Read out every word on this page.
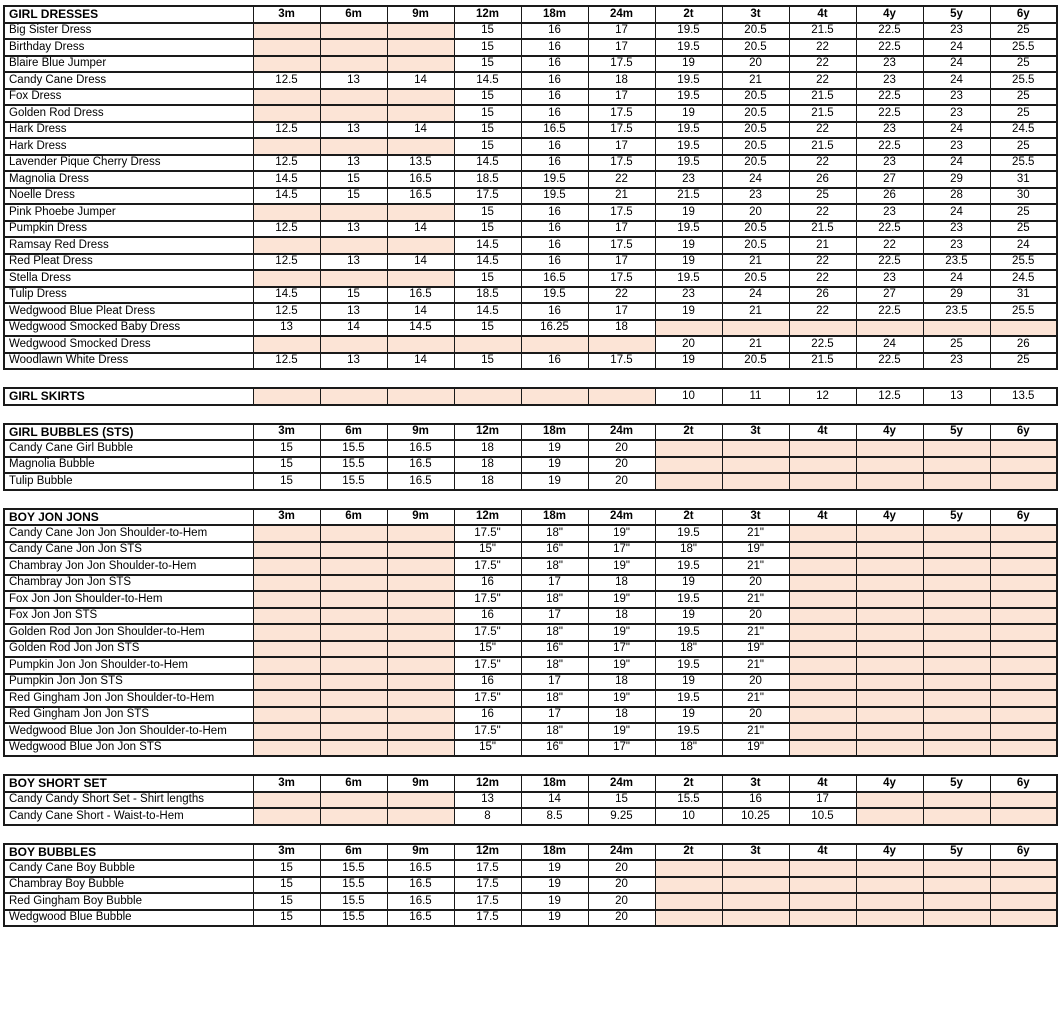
GIRL DRESSES	3m	6m	9m	12m	18m	24m	2t	3t	4t	4y	5y	6y
Big Sister Dress				15	16	17	19.5	20.5	21.5	22.5	23	25
Birthday Dress				15	16	17	19.5	20.5	22	22.5	24	25.5
Blaire Blue Jumper				15	16	17.5	19	20	22	23	24	25
Candy Cane Dress	12.5	13	14	14.5	16	18	19.5	21	22	23	24	25.5
Fox Dress				15	16	17	19.5	20.5	21.5	22.5	23	25
Golden Rod Dress				15	16	17.5	19	20.5	21.5	22.5	23	25
Hark Dress	12.5	13	14	15	16.5	17.5	19.5	20.5	22	23	24	24.5
Hark Dress				15	16	17	19.5	20.5	21.5	22.5	23	25
Lavender Pique Cherry Dress	12.5	13	13.5	14.5	16	17.5	19.5	20.5	22	23	24	25.5
Magnolia Dress	14.5	15	16.5	18.5	19.5	22	23	24	26	27	29	31
Noelle Dress	14.5	15	16.5	17.5	19.5	21	21.5	23	25	26	28	30
Pink Phoebe Jumper				15	16	17.5	19	20	22	23	24	25
Pumpkin Dress	12.5	13	14	15	16	17	19.5	20.5	21.5	22.5	23	25
Ramsay Red Dress				14.5	16	17.5	19	20.5	21	22	23	24
Red Pleat Dress	12.5	13	14	14.5	16	17	19	21	22	22.5	23.5	25.5
Stella Dress				15	16.5	17.5	19.5	20.5	22	23	24	24.5
Tulip Dress	14.5	15	16.5	18.5	19.5	22	23	24	26	27	29	31
Wedgwood Blue Pleat Dress	12.5	13	14	14.5	16	17	19	21	22	22.5	23.5	25.5
Wedgwood Smocked Baby Dress	13	14	14.5	15	16.25	18						
Wedgwood Smocked Dress							20	21	22.5	24	25	26
Woodlawn White Dress	12.5	13	14	15	16	17.5	19	20.5	21.5	22.5	23	25
GIRL SKIRTS							10	11	12	12.5	13	13.5
GIRL BUBBLES (STS)	3m	6m	9m	12m	18m	24m	2t	3t	4t	4y	5y	6y
Candy Cane Girl Bubble	15	15.5	16.5	18	19	20						
Magnolia Bubble	15	15.5	16.5	18	19	20						
Tulip Bubble	15	15.5	16.5	18	19	20						
BOY JON JONS	3m	6m	9m	12m	18m	24m	2t	3t	4t	4y	5y	6y
Candy Cane Jon Jon Shoulder-to-Hem				17.5"	18"	19"	19.5	21"				
Candy Cane Jon Jon STS				15"	16"	17"	18"	19"				
Chambray Jon Jon Shoulder-to-Hem				17.5"	18"	19"	19.5	21"				
Chambray Jon Jon STS				16	17	18	19	20				
Fox Jon Jon Shoulder-to-Hem				17.5"	18"	19"	19.5	21"				
Fox Jon Jon STS				16	17	18	19	20				
Golden Rod Jon Jon Shoulder-to-Hem				17.5"	18"	19"	19.5	21"				
Golden Rod Jon Jon STS				15"	16"	17"	18"	19"				
Pumpkin Jon Jon Shoulder-to-Hem				17.5"	18"	19"	19.5	21"				
Pumpkin Jon Jon STS				16	17	18	19	20				
Red Gingham Jon Jon Shoulder-to-Hem				17.5"	18"	19"	19.5	21"				
Red Gingham Jon Jon STS				16	17	18	19	20				
Wedgwood Blue Jon Jon Shoulder-to-Hem				17.5"	18"	19"	19.5	21"				
Wedgwood Blue Jon Jon STS				15"	16"	17"	18"	19"				
BOY SHORT SET	3m	6m	9m	12m	18m	24m	2t	3t	4t	4y	5y	6y
Candy Candy Short Set - Shirt lengths				13	14	15	15.5	16	17			
Candy Cane Short - Waist-to-Hem				8	8.5	9.25	10	10.25	10.5			
BOY BUBBLES	3m	6m	9m	12m	18m	24m	2t	3t	4t	4y	5y	6y
Candy Cane Boy Bubble	15	15.5	16.5	17.5	19	20						
Chambray Boy Bubble	15	15.5	16.5	17.5	19	20						
Red Gingham Boy Bubble	15	15.5	16.5	17.5	19	20						
Wedgwood Blue Bubble	15	15.5	16.5	17.5	19	20						
